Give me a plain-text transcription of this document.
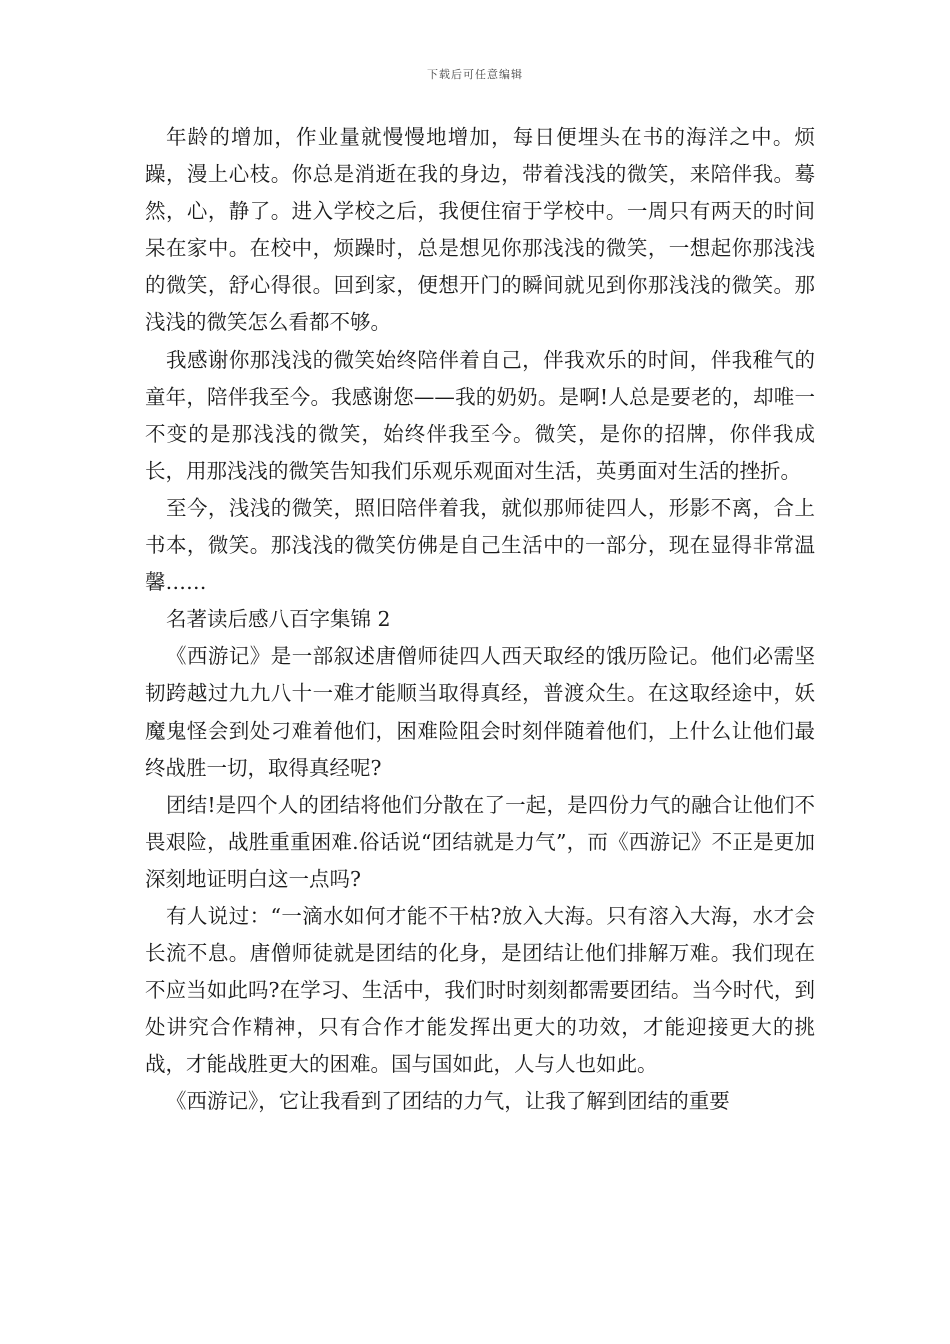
下载后可任意编辑

年龄的增加，作业量就慢慢地增加，每日便埋头在书的海洋之中。烦躁，漫上心枝。你总是消逝在我的身边，带着浅浅的微笑，来陪伴我。蓦然，心，静了。进入学校之后，我便住宿于学校中。一周只有两天的时间呆在家中。在校中，烦躁时，总是想见你那浅浅的微笑，一想起你那浅浅的微笑，舒心得很。回到家，便想开门的瞬间就见到你那浅浅的微笑。那浅浅的微笑怎么看都不够。

我感谢你那浅浅的微笑始终陪伴着自己，伴我欢乐的时间，伴我稚气的童年，陪伴我至今。我感谢您——我的奶奶。是啊!人总是要老的，却唯一不变的是那浅浅的微笑，始终伴我至今。微笑，是你的招牌，你伴我成长，用那浅浅的微笑告知我们乐观乐观面对生活，英勇面对生活的挫折。

至今，浅浅的微笑，照旧陪伴着我，就似那师徒四人，形影不离，合上书本，微笑。那浅浅的微笑仿佛是自己生活中的一部分，现在显得非常温馨……

名著读后感八百字集锦 2

《西游记》是一部叙述唐僧师徒四人西天取经的饿历险记。他们必需坚韧跨越过九九八十一难才能顺当取得真经，普渡众生。在这取经途中，妖魔鬼怪会到处刁难着他们，困难险阻会时刻伴随着他们，上什么让他们最终战胜一切，取得真经呢?

团结!是四个人的团结将他们分散在了一起，是四份力气的融合让他们不畏艰险，战胜重重困难.俗话说“团结就是力气”，而《西游记》不正是更加深刻地证明白这一点吗?

有人说过：“一滴水如何才能不干枯?放入大海。只有溶入大海，水才会长流不息。唐僧师徒就是团结的化身，是团结让他们排解万难。我们现在不应当如此吗?在学习、生活中，我们时时刻刻都需要团结。当今时代，到处讲究合作精神，只有合作才能发挥出更大的功效，才能迎接更大的挑战，才能战胜更大的困难。国与国如此，人与人也如此。

《西游记》，它让我看到了团结的力气，让我了解到团结的重要
